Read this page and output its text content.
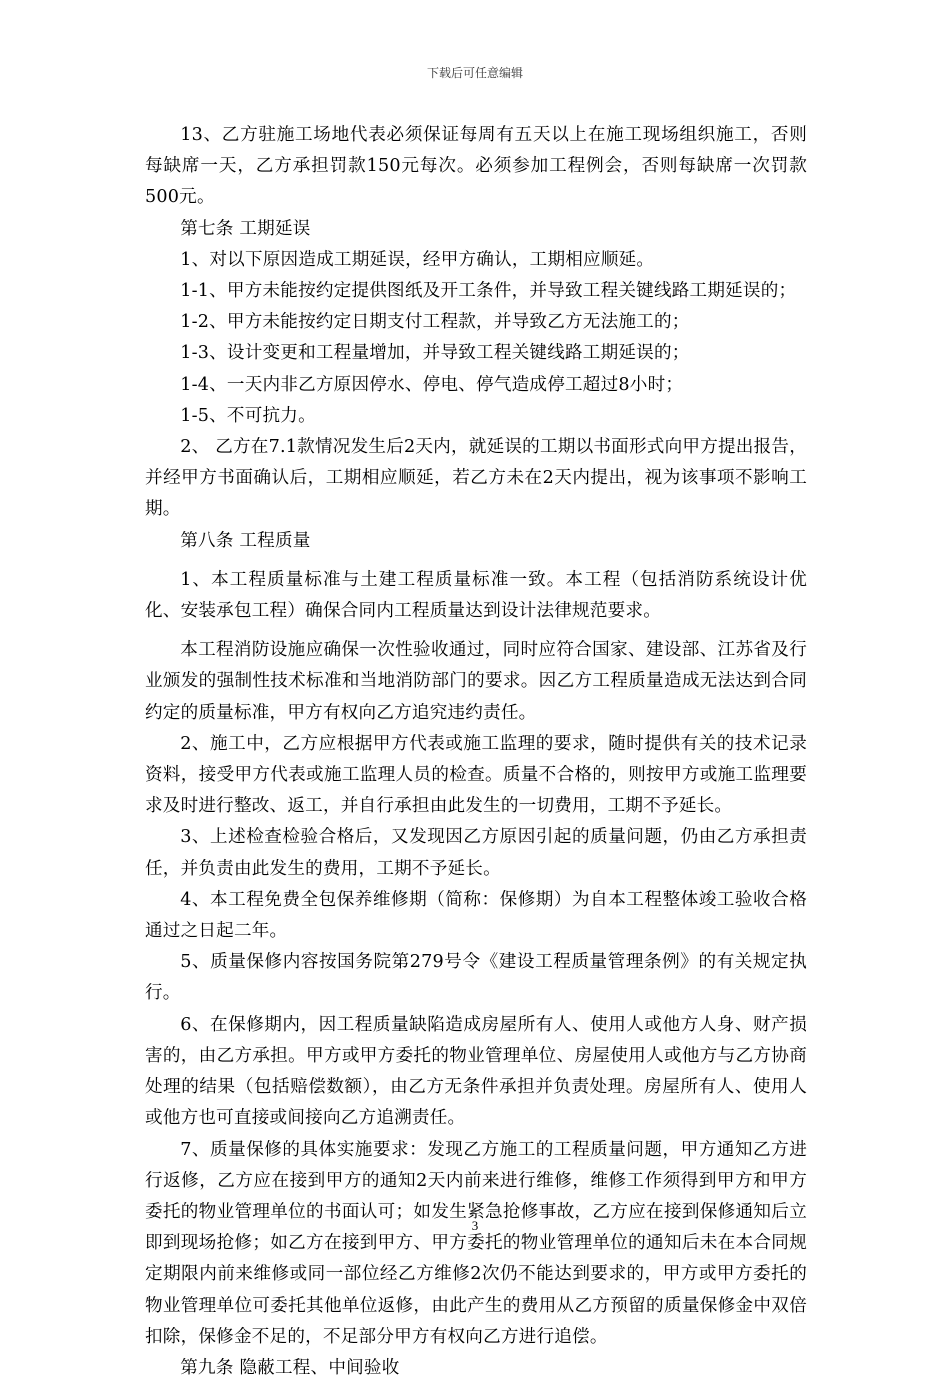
下载后可任意编辑

13、乙方驻施工场地代表必须保证每周有五天以上在施工现场组织施工，否则每缺席一天，乙方承担罚款150元每次。必须参加工程例会，否则每缺席一次罚款500元。

第七条 工期延误

1、对以下原因造成工期延误，经甲方确认，工期相应顺延。

1-1、甲方未能按约定提供图纸及开工条件，并导致工程关键线路工期延误的；

1-2、甲方未能按约定日期支付工程款，并导致乙方无法施工的；

1-3、设计变更和工程量增加，并导致工程关键线路工期延误的；

1-4、一天内非乙方原因停水、停电、停气造成停工超过8小时；

1-5、不可抗力。

2、 乙方在7.1款情况发生后2天内，就延误的工期以书面形式向甲方提出报告，并经甲方书面确认后，工期相应顺延，若乙方未在2天内提出，视为该事项不影响工期。

第八条 工程质量

1、本工程质量标准与土建工程质量标准一致。本工程（包括消防系统设计优化、安装承包工程）确保合同内工程质量达到设计法律规范要求。

本工程消防设施应确保一次性验收通过，同时应符合国家、建设部、江苏省及行业颁发的强制性技术标准和当地消防部门的要求。因乙方工程质量造成无法达到合同约定的质量标准，甲方有权向乙方追究违约责任。

2、施工中，乙方应根据甲方代表或施工监理的要求，随时提供有关的技术记录资料，接受甲方代表或施工监理人员的检查。质量不合格的，则按甲方或施工监理要求及时进行整改、返工，并自行承担由此发生的一切费用，工期不予延长。

3、上述检查检验合格后，又发现因乙方原因引起的质量问题，仍由乙方承担责任，并负责由此发生的费用，工期不予延长。

4、本工程免费全包保养维修期（简称：保修期）为自本工程整体竣工验收合格通过之日起二年。

5、质量保修内容按国务院第279号令《建设工程质量管理条例》的有关规定执行。

6、在保修期内，因工程质量缺陷造成房屋所有人、使用人或他方人身、财产损害的，由乙方承担。甲方或甲方委托的物业管理单位、房屋使用人或他方与乙方协商处理的结果（包括赔偿数额），由乙方无条件承担并负责处理。房屋所有人、使用人或他方也可直接或间接向乙方追溯责任。

7、质量保修的具体实施要求：发现乙方施工的工程质量问题，甲方通知乙方进行返修，乙方应在接到甲方的通知2天内前来进行维修，维修工作须得到甲方和甲方委托的物业管理单位的书面认可；如发生紧急抢修事故，乙方应在接到保修通知后立即到现场抢修；如乙方在接到甲方、甲方委托的物业管理单位的通知后未在本合同规定期限内前来维修或同一部位经乙方维修2次仍不能达到要求的，甲方或甲方委托的物业管理单位可委托其他单位返修，由此产生的费用从乙方预留的质量保修金中双倍扣除，保修金不足的，不足部分甲方有权向乙方进行追偿。

第九条 隐蔽工程、中间验收

3
